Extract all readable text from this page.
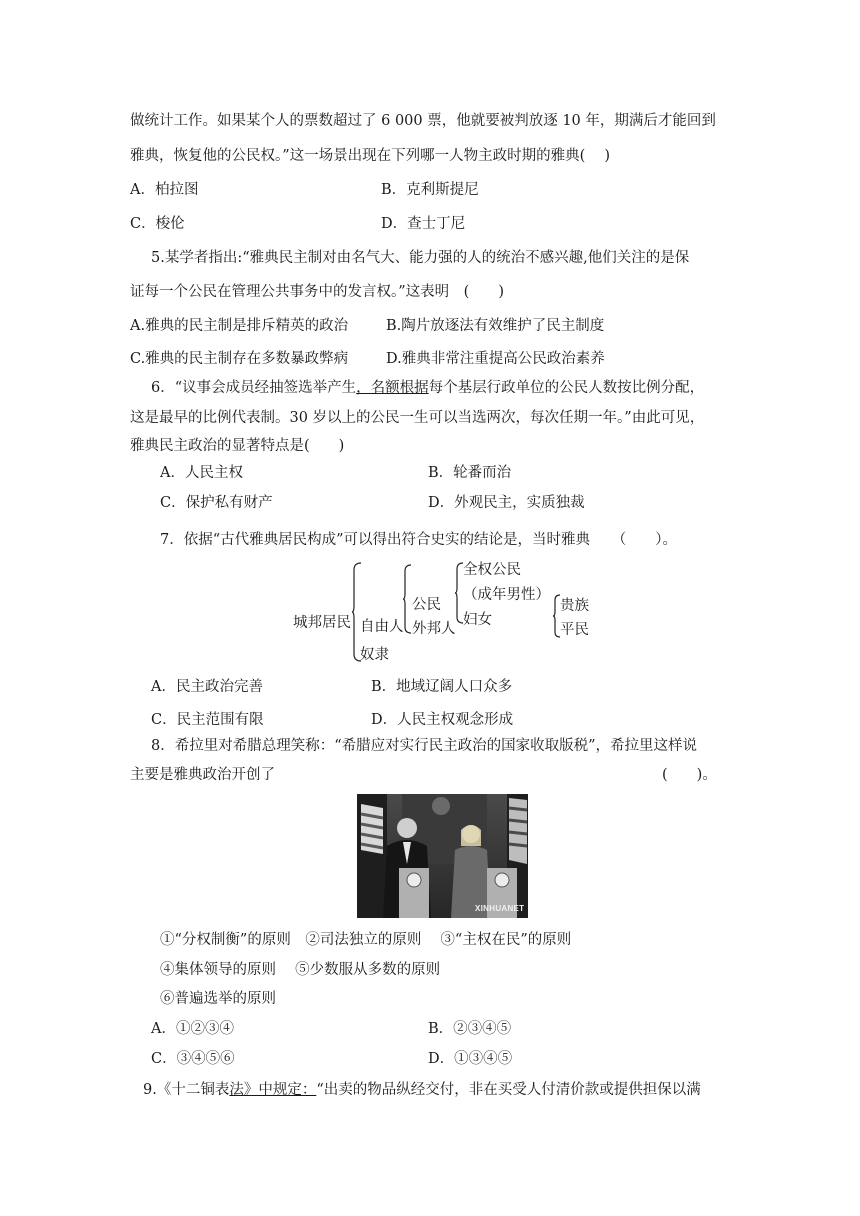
做统计工作。如果某个人的票数超过了 6 000 票，他就要被判放逐 10 年，期满后才能回到
雅典，恢复他的公民权。”这一场景出现在下列哪一人物主政时期的雅典(　 )
A．柏拉图	B．克利斯提尼
C．梭伦	D．查士丁尼
5.某学者指出:“雅典民主制对由名气大、能力强的人的统治不感兴趣,他们关注的是保
证每一个公民在管理公共事务中的发言权。”这表明　(　　)
A.雅典的民主制是排斥精英的政治	B.陶片放逐法有效维护了民主制度
C.雅典的民主制存在多数暴政弊病	D.雅典非常注重提高公民政治素养
6．“议事会成员经抽签选举产生，名额根据每个基层行政单位的公民人数按比例分配，
这是最早的比例代表制。30 岁以上的公民一生可以当选两次，每次任期一年。”由此可见，
雅典民主政治的显著特点是(　　)
A．人民主权	B．轮番而治
C．保护私有财产	D．外观民主，实质独裁
7．依据“古代雅典居民构成”可以得出符合史实的结论是，当时雅典　　（　　）。
城邦居民 自由人
奴隶
公民
外邦人
全权公民
（成年男性）
妇女
贵族
平民
A．民主政治完善	B．地域辽阔人口众多
C．民主范围有限	D．人民主权观念形成
8．希拉里对希腊总理笑称：“希腊应对实行民主政治的国家收取版税”，希拉里这样说
主要是雅典政治开创了	(　　)。
XINHUANET
①“分权制衡”的原则　②司法独立的原则　 ③“主权在民”的原则
④集体领导的原则　 ⑤少数服从多数的原则
⑥普遍选举的原则
A．①②③④	B．②③④⑤
C．③④⑤⑥	D．①③④⑤
9.《十二铜表法》中规定：“出卖的物品纵经交付，非在买受人付清价款或提供担保以满
